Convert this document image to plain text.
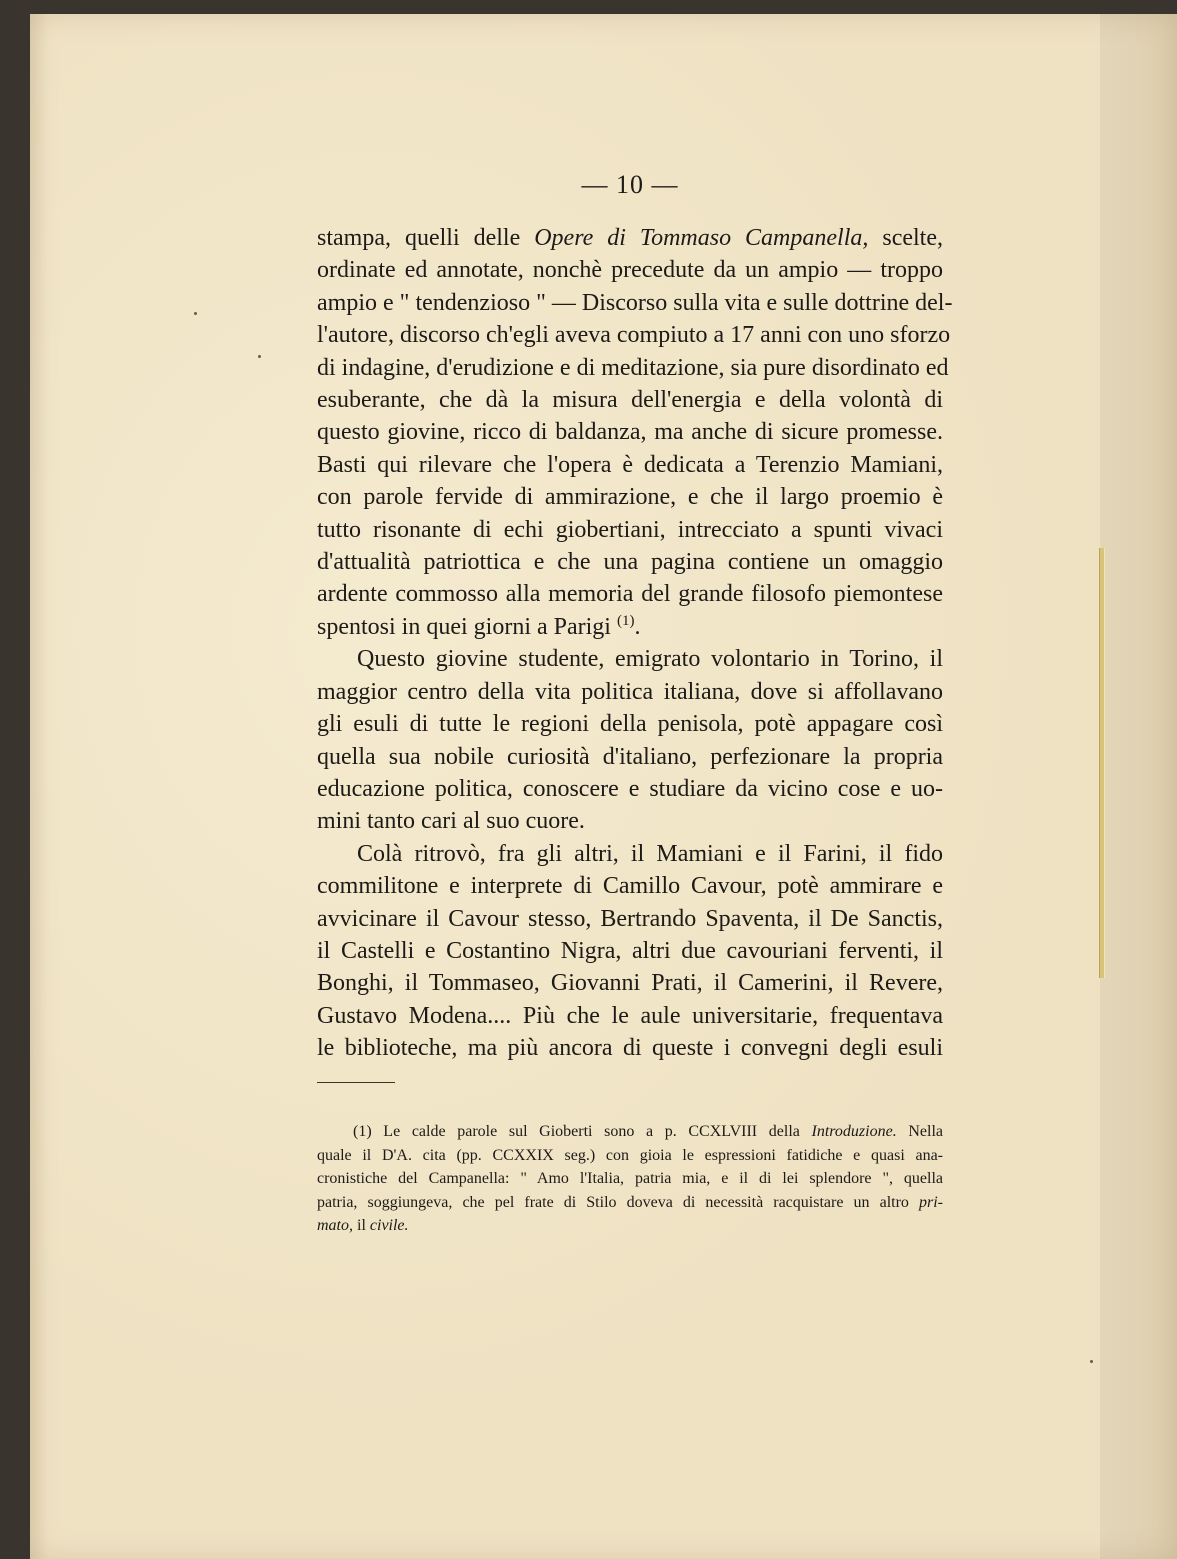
— 10 —
stampa, quelli delle Opere di Tommaso Campanella, scelte,
ordinate ed annotate, nonchè precedute da un ampio — troppo
ampio e " tendenzioso " — Discorso sulla vita e sulle dottrine del-
l'autore, discorso ch'egli aveva compiuto a 17 anni con uno sforzo
di indagine, d'erudizione e di meditazione, sia pure disordinato ed
esuberante, che dà la misura dell'energia e della volontà di
questo giovine, ricco di baldanza, ma anche di sicure promesse.
Basti qui rilevare che l'opera è dedicata a Terenzio Mamiani,
con parole fervide di ammirazione, e che il largo proemio è
tutto risonante di echi giobertiani, intrecciato a spunti vivaci
d'attualità patriottica e che una pagina contiene un omaggio
ardente commosso alla memoria del grande filosofo piemontese
spentosi in quei giorni a Parigi $^{(1)}$.
Questo giovine studente, emigrato volontario in Torino, il
maggior centro della vita politica italiana, dove si affollavano
gli esuli di tutte le regioni della penisola, potè appagare così
quella sua nobile curiosità d'italiano, perfezionare la propria
educazione politica, conoscere e studiare da vicino cose e uo-
mini tanto cari al suo cuore.
Colà ritrovò, fra gli altri, il Mamiani e il Farini, il fido
commilitone e interprete di Camillo Cavour, potè ammirare e
avvicinare il Cavour stesso, Bertrando Spaventa, il De Sanctis,
il Castelli e Costantino Nigra, altri due cavouriani ferventi, il
Bonghi, il Tommaseo, Giovanni Prati, il Camerini, il Revere,
Gustavo Modena.... Più che le aule universitarie, frequentava
le biblioteche, ma più ancora di queste i convegni degli esuli
(1) Le calde parole sul Gioberti sono a p. CCXLVIII della Introduzione. Nella
quale il D'A. cita (pp. CCXXIX seg.) con gioia le espressioni fatidiche e quasi ana-
cronistiche del Campanella: " Amo l'Italia, patria mia, e il di lei splendore ", quella
patria, soggiungeva, che pel frate di Stilo doveva di necessità racquistare un altro pri-
mato, il civile.
